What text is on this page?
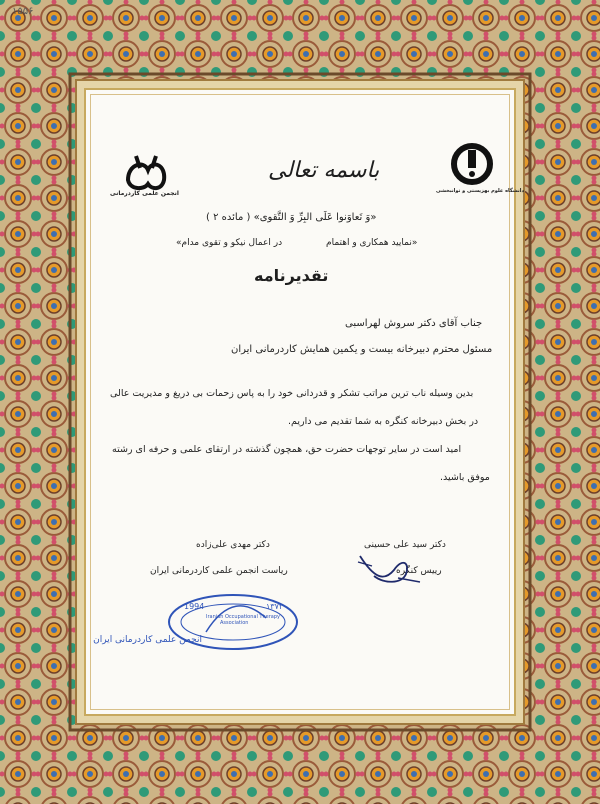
۱۵۵۶
انجمن علمی کاردرمانی	دانشگاه علوم بهزیستی و توانبخشی
باسمه تعالی
«وَ تَعاوَنوا عَلَی البِرِّ وَ التَّقوی» ( مائده ۲ )
«نمایید همکاری و اهتمام
در اعمال نیکو و تقوی مدام»
تقدیرنامه
جناب آقای دکتر سروش لهراسبی
مسئول محترم دبیرخانه بیست و یکمین همایش کاردرمانی ایران
بدین وسیله ناب ترین مراتب تشکر و قدردانی خود را به پاس زحمات بی دریغ و مدیریت عالی
در بخش دبیرخانه کنگره به شما تقدیم می داریم.
امید است در سایر توجهات حضرت حق، همچون گذشته در ارتقای علمی و حرفه ای رشته
موفق باشید.
دکتر مهدی علی‌زاده
ریاست انجمن علمی کاردرمانی ایران
دکتر سید علی حسینی
رییس کنگره
1994	۱۳۷۳
Iranian Occupational Therapy
Association
انجمن علمی کاردرمانی ایران
